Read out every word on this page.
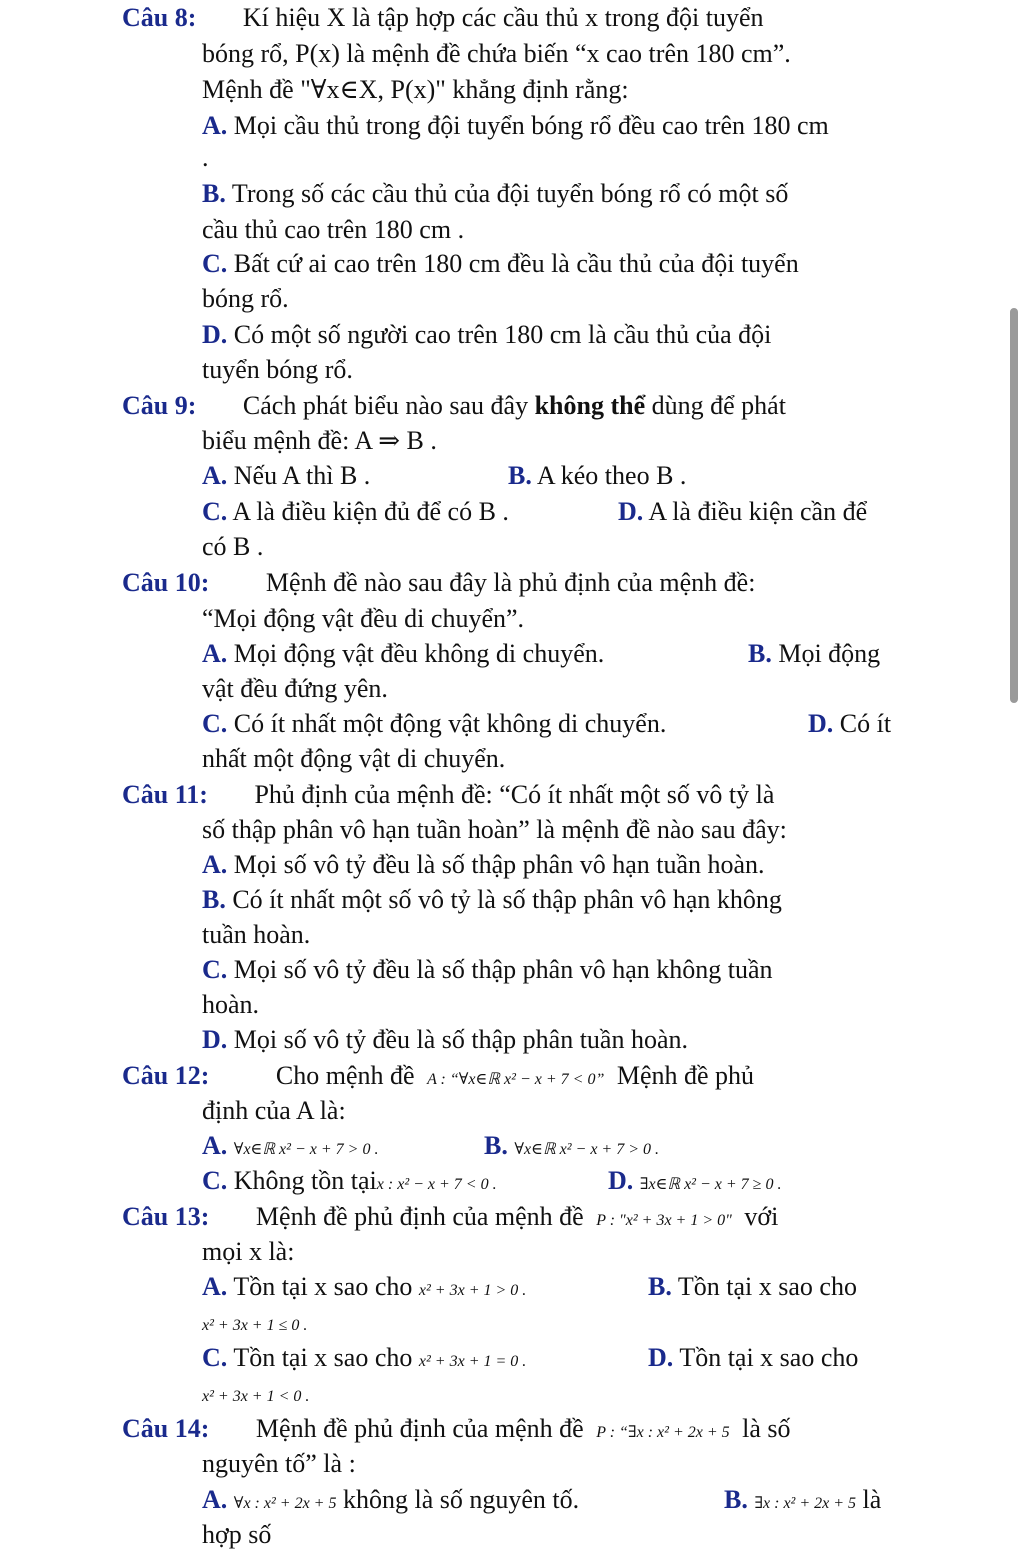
Câu 8: Kí hiệu X là tập hợp các cầu thủ x trong đội tuyển
bóng rổ, P(x) là mệnh đề chứa biến “x cao trên 180 cm”.
Mệnh đề "∀x∈X, P(x)" khẳng định rằng:
A. Mọi cầu thủ trong đội tuyển bóng rổ đều cao trên 180 cm
.
B. Trong số các cầu thủ của đội tuyển bóng rổ có một số
cầu thủ cao trên 180 cm .
C. Bất cứ ai cao trên 180 cm đều là cầu thủ của đội tuyển
bóng rổ.
D. Có một số người cao trên 180 cm là cầu thủ của đội
tuyển bóng rổ.
Câu 9: Cách phát biểu nào sau đây không thể dùng để phát
biểu mệnh đề: A ⇒ B .
A. Nếu A thì B .	B. A kéo theo B .
C. A là điều kiện đủ để có B .	D. A là điều kiện cần để
có B .
Câu 10: Mệnh đề nào sau đây là phủ định của mệnh đề:
“Mọi động vật đều di chuyển”.
A. Mọi động vật đều không di chuyển.	B. Mọi động
vật đều đứng yên.
C. Có ít nhất một động vật không di chuyển.	D. Có ít
nhất một động vật di chuyển.
Câu 11: Phủ định của mệnh đề: “Có ít nhất một số vô tỷ là
số thập phân vô hạn tuần hoàn” là mệnh đề nào sau đây:
A. Mọi số vô tỷ đều là số thập phân vô hạn tuần hoàn.
B. Có ít nhất một số vô tỷ là số thập phân vô hạn không
tuần hoàn.
C. Mọi số vô tỷ đều là số thập phân vô hạn không tuần
hoàn.
D. Mọi số vô tỷ đều là số thập phân tuần hoàn.
Câu 12:	Cho mệnh đề A : “∀x∈ℝ x² − x + 7 < 0” Mệnh đề phủ
định của A là:
A. ∀x∈ℝ x² − x + 7 > 0 .	B. ∀x∈ℝ x² − x + 7 > 0 .
C. Không tồn tạix : x² − x + 7 < 0 .	D. ∃x∈ℝ x² − x + 7 ≥ 0 .
Câu 13: Mệnh đề phủ định của mệnh đề P : "x² + 3x + 1 > 0" với
mọi x là:
A. Tồn tại x sao cho x² + 3x + 1 > 0 .	B. Tồn tại x sao cho
x² + 3x + 1 ≤ 0 .
C. Tồn tại x sao cho x² + 3x + 1 = 0 .	D. Tồn tại x sao cho
x² + 3x + 1 < 0 .
Câu 14: Mệnh đề phủ định của mệnh đề P : “∃x : x² + 2x + 5 là số
nguyên tố” là :
A. ∀x : x² + 2x + 5 không là số nguyên tố.	B. ∃x : x² + 2x + 5 là
hợp số
